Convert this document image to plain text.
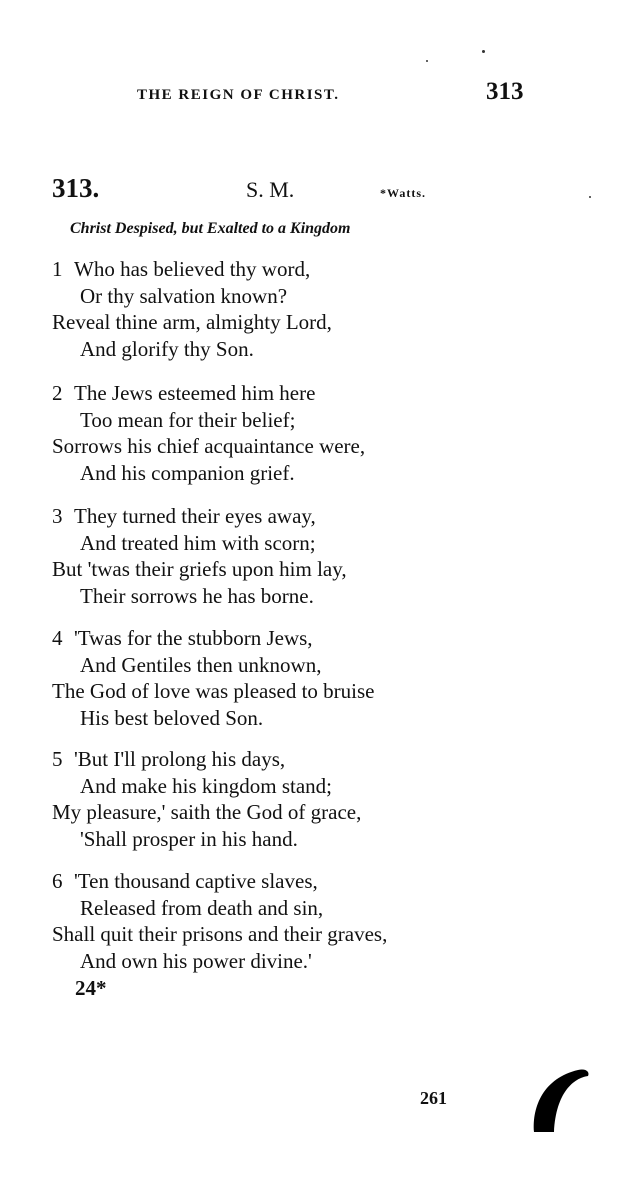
THE REIGN OF CHRIST.	313
313.	S. M.	*Watts.
Christ Despised, but Exalted to a Kingdom
1 Who has believed thy word,
Or thy salvation known?
Reveal thine arm, almighty Lord,
And glorify thy Son.
2 The Jews esteemed him here
Too mean for their belief;
Sorrows his chief acquaintance were,
And his companion grief.
3 They turned their eyes away,
And treated him with scorn;
But 'twas their griefs upon him lay,
Their sorrows he has borne.
4 'Twas for the stubborn Jews,
And Gentiles then unknown,
The God of love was pleased to bruise
His best beloved Son.
5 'But I'll prolong his days,
And make his kingdom stand;
My pleasure,' saith the God of grace,
'Shall prosper in his hand.
6 'Ten thousand captive slaves,
Released from death and sin,
Shall quit their prisons and their graves,
And own his power divine.'
24*
261
